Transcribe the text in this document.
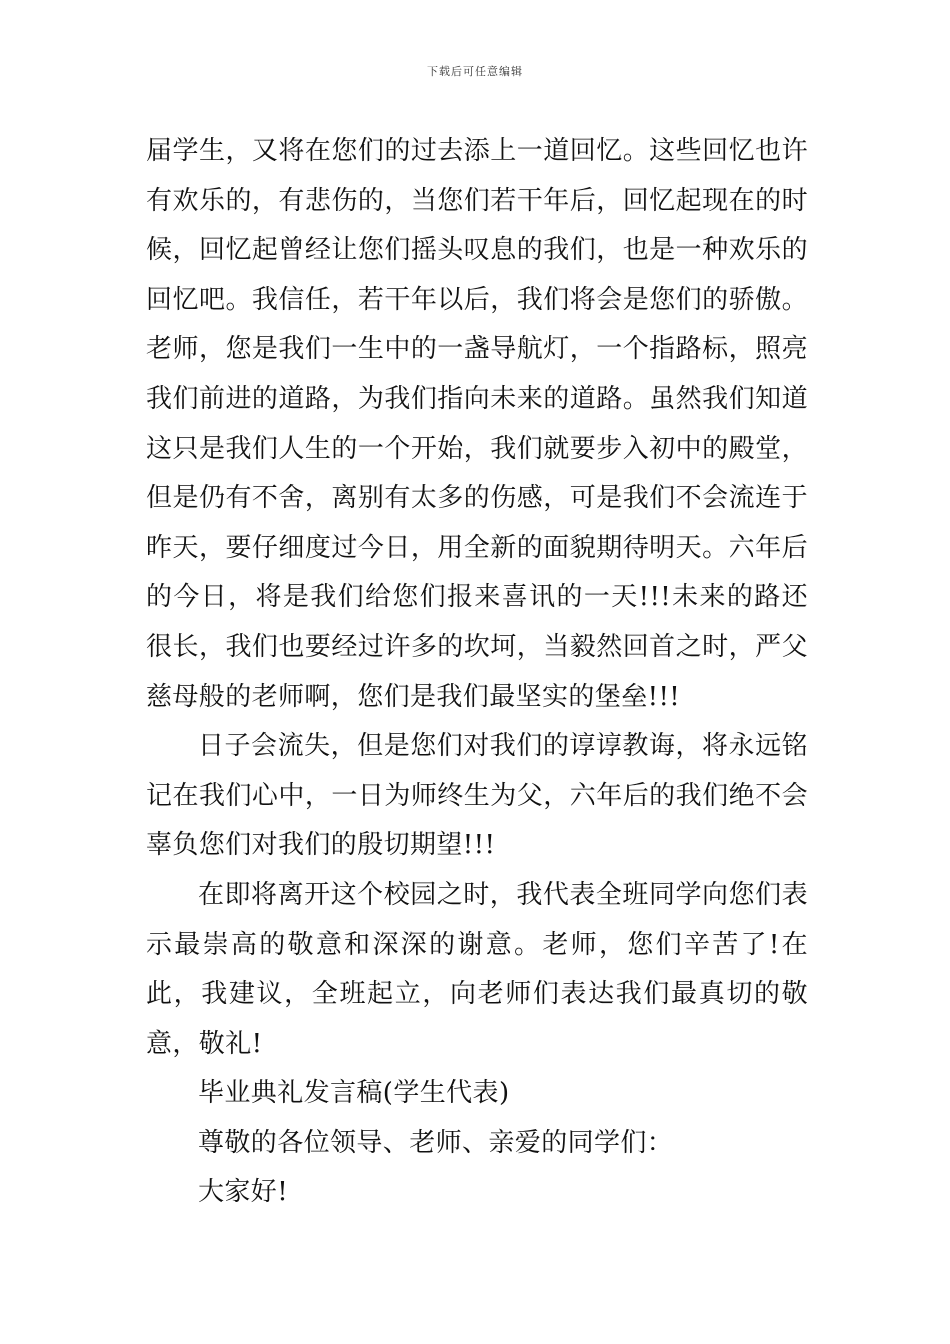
下载后可任意编辑

届学生，又将在您们的过去添上一道回忆。这些回忆也许有欢乐的，有悲伤的，当您们若干年后，回忆起现在的时候，回忆起曾经让您们摇头叹息的我们，也是一种欢乐的回忆吧。我信任，若干年以后，我们将会是您们的骄傲。老师，您是我们一生中的一盏导航灯，一个指路标，照亮我们前进的道路，为我们指向未来的道路。虽然我们知道这只是我们人生的一个开始，我们就要步入初中的殿堂，但是仍有不舍，离别有太多的伤感，可是我们不会流连于昨天，要仔细度过今日，用全新的面貌期待明天。六年后的今日，将是我们给您们报来喜讯的一天!!!未来的路还很长，我们也要经过许多的坎坷，当毅然回首之时，严父慈母般的老师啊，您们是我们最坚实的堡垒!!!

日子会流失，但是您们对我们的谆谆教诲，将永远铭记在我们心中，一日为师终生为父，六年后的我们绝不会辜负您们对我们的殷切期望!!!

在即将离开这个校园之时，我代表全班同学向您们表示最崇高的敬意和深深的谢意。老师，您们辛苦了!在此，我建议，全班起立，向老师们表达我们最真切的敬意，敬礼!

毕业典礼发言稿(学生代表)

尊敬的各位领导、老师、亲爱的同学们：

大家好!
